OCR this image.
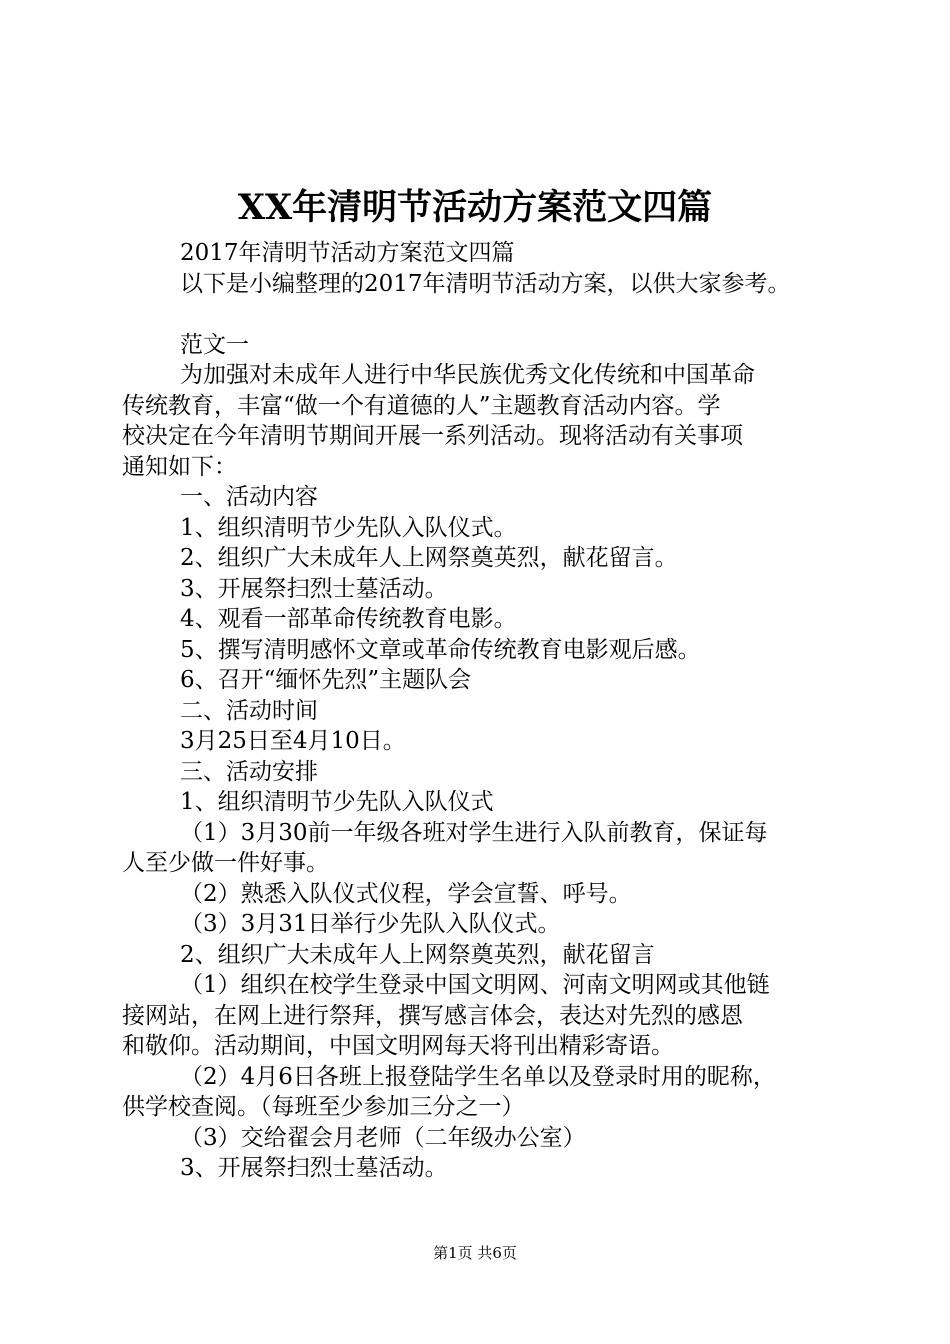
XX年清明节活动方案范文四篇
2017年清明节活动方案范文四篇
以下是小编整理的2017年清明节活动方案，以供大家参考。
范文一
为加强对未成年人进行中华民族优秀文化传统和中国革命
传统教育，丰富“做一个有道德的人”主题教育活动内容。学
校决定在今年清明节期间开展一系列活动。现将活动有关事项
通知如下：
一、活动内容
1、组织清明节少先队入队仪式。
2、组织广大未成年人上网祭奠英烈，献花留言。
3、开展祭扫烈士墓活动。
4、观看一部革命传统教育电影。
5、撰写清明感怀文章或革命传统教育电影观后感。
6、召开“缅怀先烈”主题队会
二、活动时间
3月25日至4月10日。
三、活动安排
1、组织清明节少先队入队仪式
（1）3月30前一年级各班对学生进行入队前教育，保证每
人至少做一件好事。
（2）熟悉入队仪式仪程，学会宣誓、呼号。
（3）3月31日举行少先队入队仪式。
2、组织广大未成年人上网祭奠英烈，献花留言
（1）组织在校学生登录中国文明网、河南文明网或其他链
接网站，在网上进行祭拜，撰写感言体会，表达对先烈的感恩
和敬仰。活动期间，中国文明网每天将刊出精彩寄语。
（2）4月6日各班上报登陆学生名单以及登录时用的昵称，
供学校查阅。（每班至少参加三分之一）
（3）交给翟会月老师（二年级办公室）
3、开展祭扫烈士墓活动。
第1页 共6页
